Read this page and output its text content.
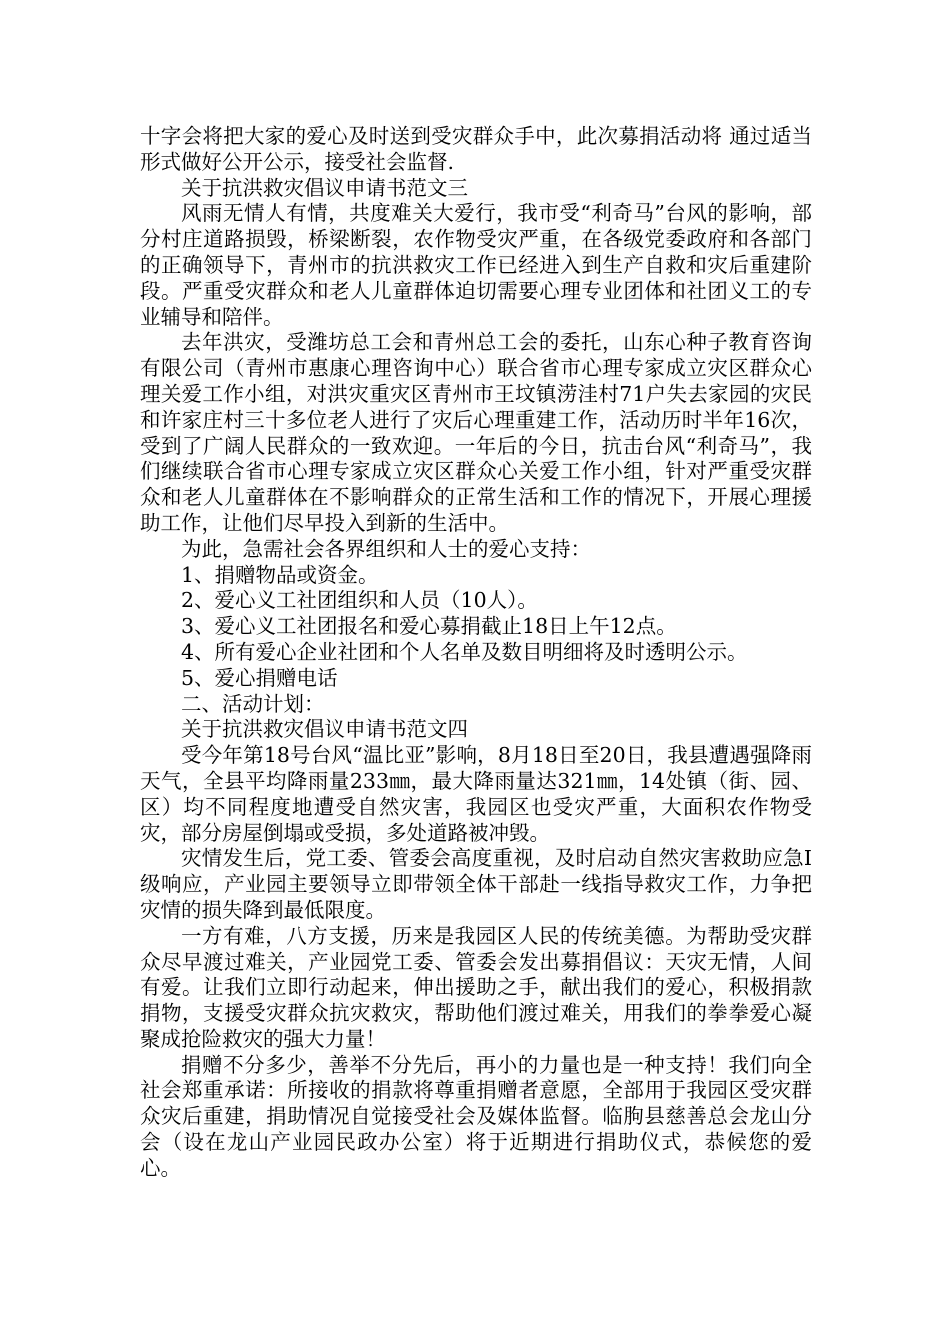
十字会将把大家的爱心及时送到受灾群众手中，此次募捐活动将 通过适当形式做好公开公示，接受社会监督.

关于抗洪救灾倡议申请书范文三

风雨无情人有情，共度难关大爱行，我市受“利奇马”台风的影响，部分村庄道路损毁，桥梁断裂，农作物受灾严重，在各级党委政府和各部门的正确领导下，青州市的抗洪救灾工作已经进入到生产自救和灾后重建阶段。严重受灾群众和老人儿童群体迫切需要心理专业团体和社团义工的专业辅导和陪伴。

去年洪灾，受潍坊总工会和青州总工会的委托，山东心种子教育咨询有限公司（青州市惠康心理咨询中心）联合省市心理专家成立灾区群众心理关爱工作小组，对洪灾重灾区青州市王坟镇涝洼村71户失去家园的灾民和许家庄村三十多位老人进行了灾后心理重建工作，活动历时半年16次，受到了广阔人民群众的一致欢迎。一年后的今日，抗击台风“利奇马”，我们继续联合省市心理专家成立灾区群众心关爱工作小组，针对严重受灾群众和老人儿童群体在不影响群众的正常生活和工作的情况下，开展心理援助工作，让他们尽早投入到新的生活中。

为此，急需社会各界组织和人士的爱心支持：

1、捐赠物品或资金。

2、爱心义工社团组织和人员（10人）。

3、爱心义工社团报名和爱心募捐截止18日上午12点。

4、所有爱心企业社团和个人名单及数目明细将及时透明公示。

5、爱心捐赠电话

二、活动计划：

关于抗洪救灾倡议申请书范文四

受今年第18号台风“温比亚”影响，8月18日至20日，我县遭遇强降雨天气，全县平均降雨量233㎜，最大降雨量达321㎜，14处镇（街、园、区）均不同程度地遭受自然灾害，我园区也受灾严重，大面积农作物受灾，部分房屋倒塌或受损，多处道路被冲毁。

灾情发生后，党工委、管委会高度重视，及时启动自然灾害救助应急Ⅰ级响应，产业园主要领导立即带领全体干部赴一线指导救灾工作，力争把灾情的损失降到最低限度。

一方有难，八方支援，历来是我园区人民的传统美德。为帮助受灾群众尽早渡过难关，产业园党工委、管委会发出募捐倡议：天灾无情，人间有爱。让我们立即行动起来，伸出援助之手，献出我们的爱心，积极捐款捐物，支援受灾群众抗灾救灾，帮助他们渡过难关，用我们的拳拳爱心凝聚成抢险救灾的强大力量！

捐赠不分多少，善举不分先后，再小的力量也是一种支持！我们向全社会郑重承诺：所接收的捐款将尊重捐赠者意愿，全部用于我园区受灾群众灾后重建，捐助情况自觉接受社会及媒体监督。临朐县慈善总会龙山分会（设在龙山产业园民政办公室）将于近期进行捐助仪式，恭候您的爱心。
